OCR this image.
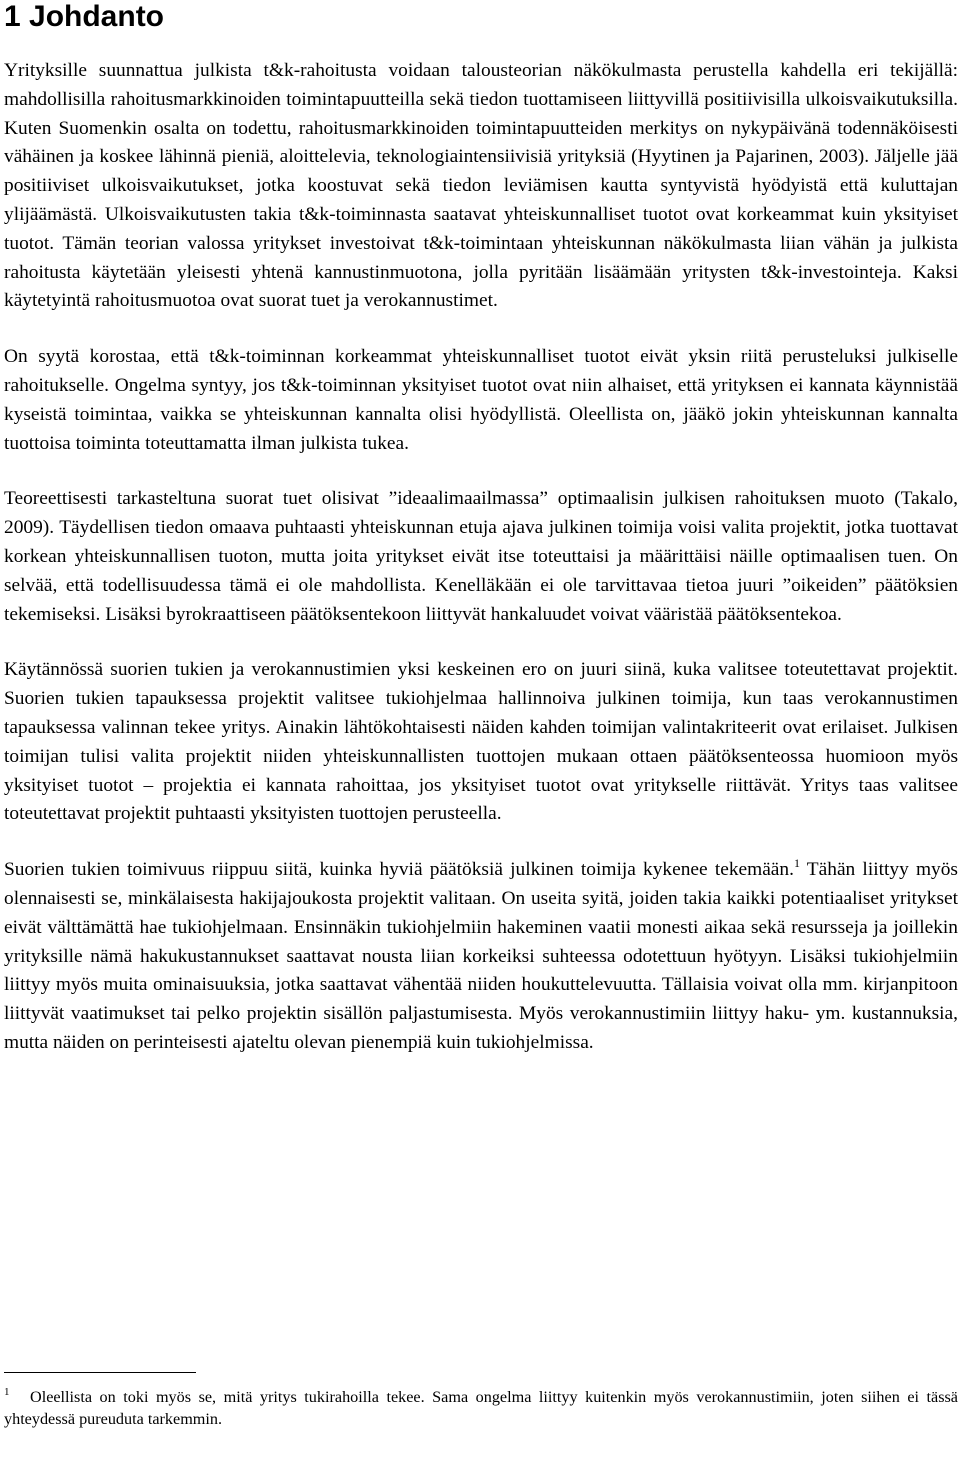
1 Johdanto

Yrityksille suunnattua julkista t&k-rahoitusta voidaan talousteorian näkökulmasta perustella kahdella eri tekijällä: mahdollisilla rahoitusmarkkinoiden toimintapuutteilla sekä tiedon tuottamiseen liittyvillä positiivisilla ulkoisvaikutuksilla. Kuten Suomenkin osalta on todettu, rahoitusmarkkinoiden toimintapuutteiden merkitys on nykypäivänä todennäköisesti vähäinen ja koskee lähinnä pieniä, aloittelevia, teknologiaintensiivisiä yrityksiä (Hyytinen ja Pajarinen, 2003). Jäljelle jää positiiviset ulkoisvaikutukset, jotka koostuvat sekä tiedon leviämisen kautta syntyvistä hyödyistä että kuluttajan ylijäämästä. Ulkoisvaikutusten takia t&k-toiminnasta saatavat yhteiskunnalliset tuotot ovat korkeammat kuin yksityiset tuotot. Tämän teorian valossa yritykset investoivat t&k-toimintaan yhteiskunnan näkökulmasta liian vähän ja julkista rahoitusta käytetään yleisesti yhtenä kannustinmuotona, jolla pyritään lisäämään yritysten t&k-investointeja. Kaksi käytetyintä rahoitusmuotoa ovat suorat tuet ja verokannustimet.

On syytä korostaa, että t&k-toiminnan korkeammat yhteiskunnalliset tuotot eivät yksin riitä perusteluksi julkiselle rahoitukselle. Ongelma syntyy, jos t&k-toiminnan yksityiset tuotot ovat niin alhaiset, että yrityksen ei kannata käynnistää kyseistä toimintaa, vaikka se yhteiskunnan kannalta olisi hyödyllistä. Oleellista on, jääkö jokin yhteiskunnan kannalta tuottoisa toiminta toteuttamatta ilman julkista tukea.

Teoreettisesti tarkasteltuna suorat tuet olisivat ”ideaalimaailmassa” optimaalisin julkisen rahoituksen muoto (Takalo, 2009). Täydellisen tiedon omaava puhtaasti yhteiskunnan etuja ajava julkinen toimija voisi valita projektit, jotka tuottavat korkean yhteiskunnallisen tuoton, mutta joita yritykset eivät itse toteuttaisi ja määrittäisi näille optimaalisen tuen. On selvää, että todellisuudessa tämä ei ole mahdollista. Kenelläkään ei ole tarvittavaa tietoa juuri ”oikeiden” päätöksien tekemiseksi. Lisäksi byrokraattiseen päätöksentekoon liittyvät hankaluudet voivat vääristää päätöksentekoa.

Käytännössä suorien tukien ja verokannustimien yksi keskeinen ero on juuri siinä, kuka valitsee toteutettavat projektit. Suorien tukien tapauksessa projektit valitsee tukiohjelmaa hallinnoiva julkinen toimija, kun taas verokannustimen tapauksessa valinnan tekee yritys. Ainakin lähtökohtaisesti näiden kahden toimijan valintakriteerit ovat erilaiset. Julkisen toimijan tulisi valita projektit niiden yhteiskunnallisten tuottojen mukaan ottaen päätöksenteossa huomioon myös yksityiset tuotot – projektia ei kannata rahoittaa, jos yksityiset tuotot ovat yritykselle riittävät. Yritys taas valitsee toteutettavat projektit puhtaasti yksityisten tuottojen perusteella.

Suorien tukien toimivuus riippuu siitä, kuinka hyviä päätöksiä julkinen toimija kykenee tekemään.$^1$ Tähän liittyy myös olennaisesti se, minkälaisesta hakijajoukosta projektit valitaan. On useita syitä, joiden takia kaikki potentiaaliset yritykset eivät välttämättä hae tukiohjelmaan. Ensinnäkin tukiohjelmiin hakeminen vaatii monesti aikaa sekä resursseja ja joillekin yrityksille nämä hakukustannukset saattavat nousta liian korkeiksi suhteessa odotettuun hyötyyn. Lisäksi tukiohjelmiin liittyy myös muita ominaisuuksia, jotka saattavat vähentää niiden houkuttelevuutta. Tällaisia voivat olla mm. kirjanpitoon liittyvät vaatimukset tai pelko projektin sisällön paljastumisesta. Myös verokannustimiin liittyy haku- ym. kustannuksia, mutta näiden on perinteisesti ajateltu olevan pienempiä kuin tukiohjelmissa.

1 Oleellista on toki myös se, mitä yritys tukirahoilla tekee. Sama ongelma liittyy kuitenkin myös verokannustimiin, joten siihen ei tässä yhteydessä pureuduta tarkemmin.
